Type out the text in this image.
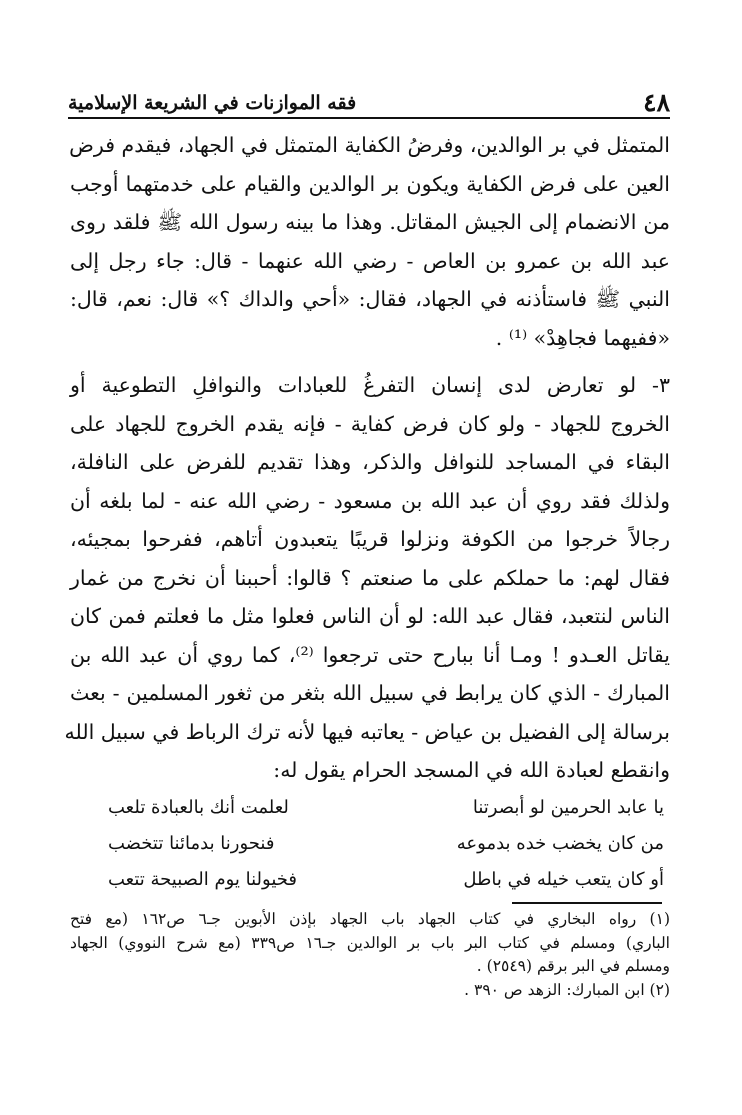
٤٨
فقه الموازنات في الشريعة الإسلامية

المتمثل في بر الوالدين، وفرضُ الكفاية المتمثل في الجهاد، فيقدم فرض
العين على فرض الكفاية ويكون بر الوالدين والقيام على خدمتهما أوجب
من الانضمام إلى الجيش المقاتل. وهذا ما بينه رسول الله ﷺ فلقد روى
عبد الله بن عمرو بن العاص - رضي الله عنهما - قال: جاء رجل إلى
النبي ﷺ فاستأذنه في الجهاد، فقال: «أحي والداك ؟» قال: نعم، قال:
«ففيهما فجاهِدْ» ⁽¹⁾ .

٣- لو تعارض لدى إنسان التفرغُ للعبادات والنوافلِ التطوعية أو
الخروج للجهاد - ولو كان فرض كفاية - فإنه يقدم الخروج للجهاد على
البقاء في المساجد للنوافل والذكر، وهذا تقديم للفرض على النافلة،
ولذلك فقد روي أن عبد الله بن مسعود - رضي الله عنه - لما بلغه أن
رجالاً خرجوا من الكوفة ونزلوا قريبًا يتعبدون أتاهم، ففرحوا بمجيئه،
فقال لهم: ما حملكم على ما صنعتم ؟ قالوا: أحببنا أن نخرج من غمار
الناس لنتعبد، فقال عبد الله: لو أن الناس فعلوا مثل ما فعلتم فمن كان
يقاتل العـدو ! ومـا أنا ببارح حتى ترجعوا ⁽²⁾، كما روي أن عبد الله بن
المبارك - الذي كان يرابط في سبيل الله بثغر من ثغور المسلمين - بعث
برسالة إلى الفضيل بن عياض - يعاتبه فيها لأنه ترك الرباط في سبيل الله
وانقطع لعبادة الله في المسجد الحرام يقول له:

يا عابد الحرمين لو أبصرتنا
لعلمت أنك بالعبادة تلعب
من كان يخضب خده بدموعه
فنحورنا بدمائنا تتخضب
أو كان يتعب خيله في باطل
فخيولنا يوم الصبيحة تتعب
(١) رواه البخاري في كتاب الجهاد باب الجهاد بإذن الأبوين جـ٦ ص١٦٢ (مع فتح
الباري) ومسلم في كتاب البر باب بر الوالدين جـ١٦ ص٣٣٩ (مع شرح النووي) الجهاد
ومسلم في البر برقم (٢٥٤٩) .
(٢) ابن المبارك: الزهد ص ٣٩٠ .
